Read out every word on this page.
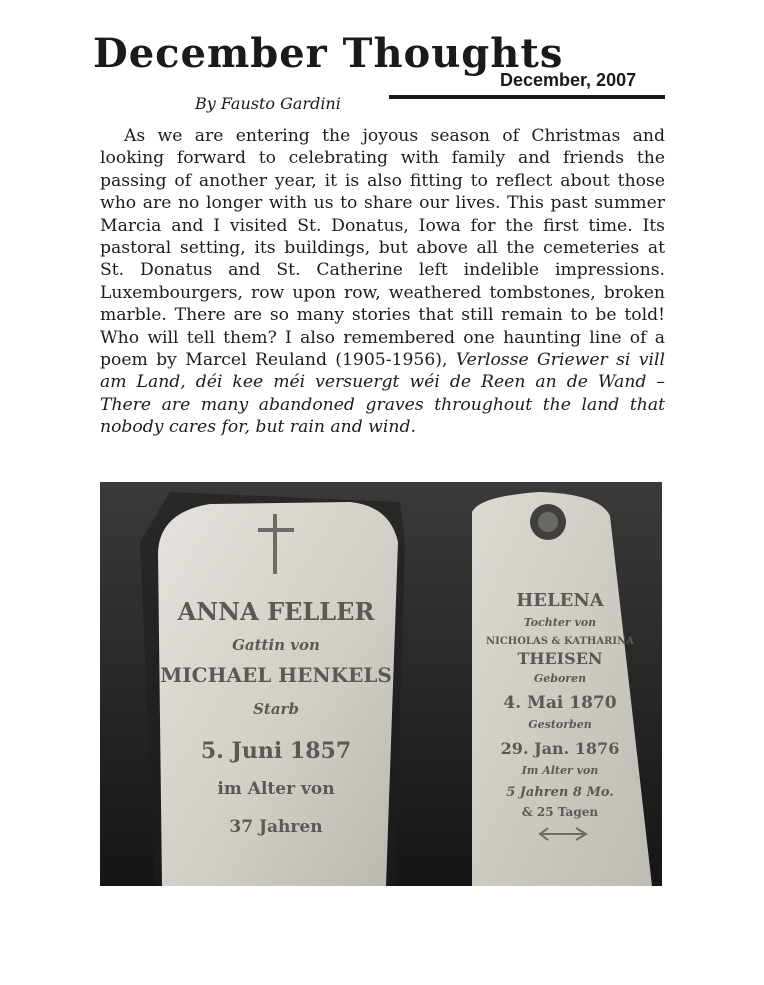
December Thoughts
December, 2007
By Fausto Gardini

As we are entering the joyous season of Christmas and looking forward to celebrating with family and friends the passing of another year, it is also fitting to reflect about those who are no longer with us to share our lives. This past summer Marcia and I visited St. Donatus, Iowa for the first time. Its pastoral setting, its buildings, but above all the cemeteries at St. Donatus and St. Catherine left indelible impressions. Luxembourgers, row upon row, weathered tombstones, broken marble. There are so many stories that still remain to be told! Who will tell them? I also remembered one haunting line of a poem by Marcel Reuland (1905-1956), Verlosse Griewer si vill am Land, déi kee méi versuergt wéi de Reen an de Wand – There are many abandoned graves throughout the land that nobody cares for, but rain and wind.

ANNA FELLER
Gattin von
MICHAEL HENKELS
Starb
5. Juni 1857
im Alter von
37 Jahren
HELENA
Tochter von
NICHOLAS & KATHARINA
THEISEN
Geboren
4. Mai 1870
Gestorben
29. Jan. 1876
Im Alter von
5 Jahren 8 Mo.
& 25 Tagen
